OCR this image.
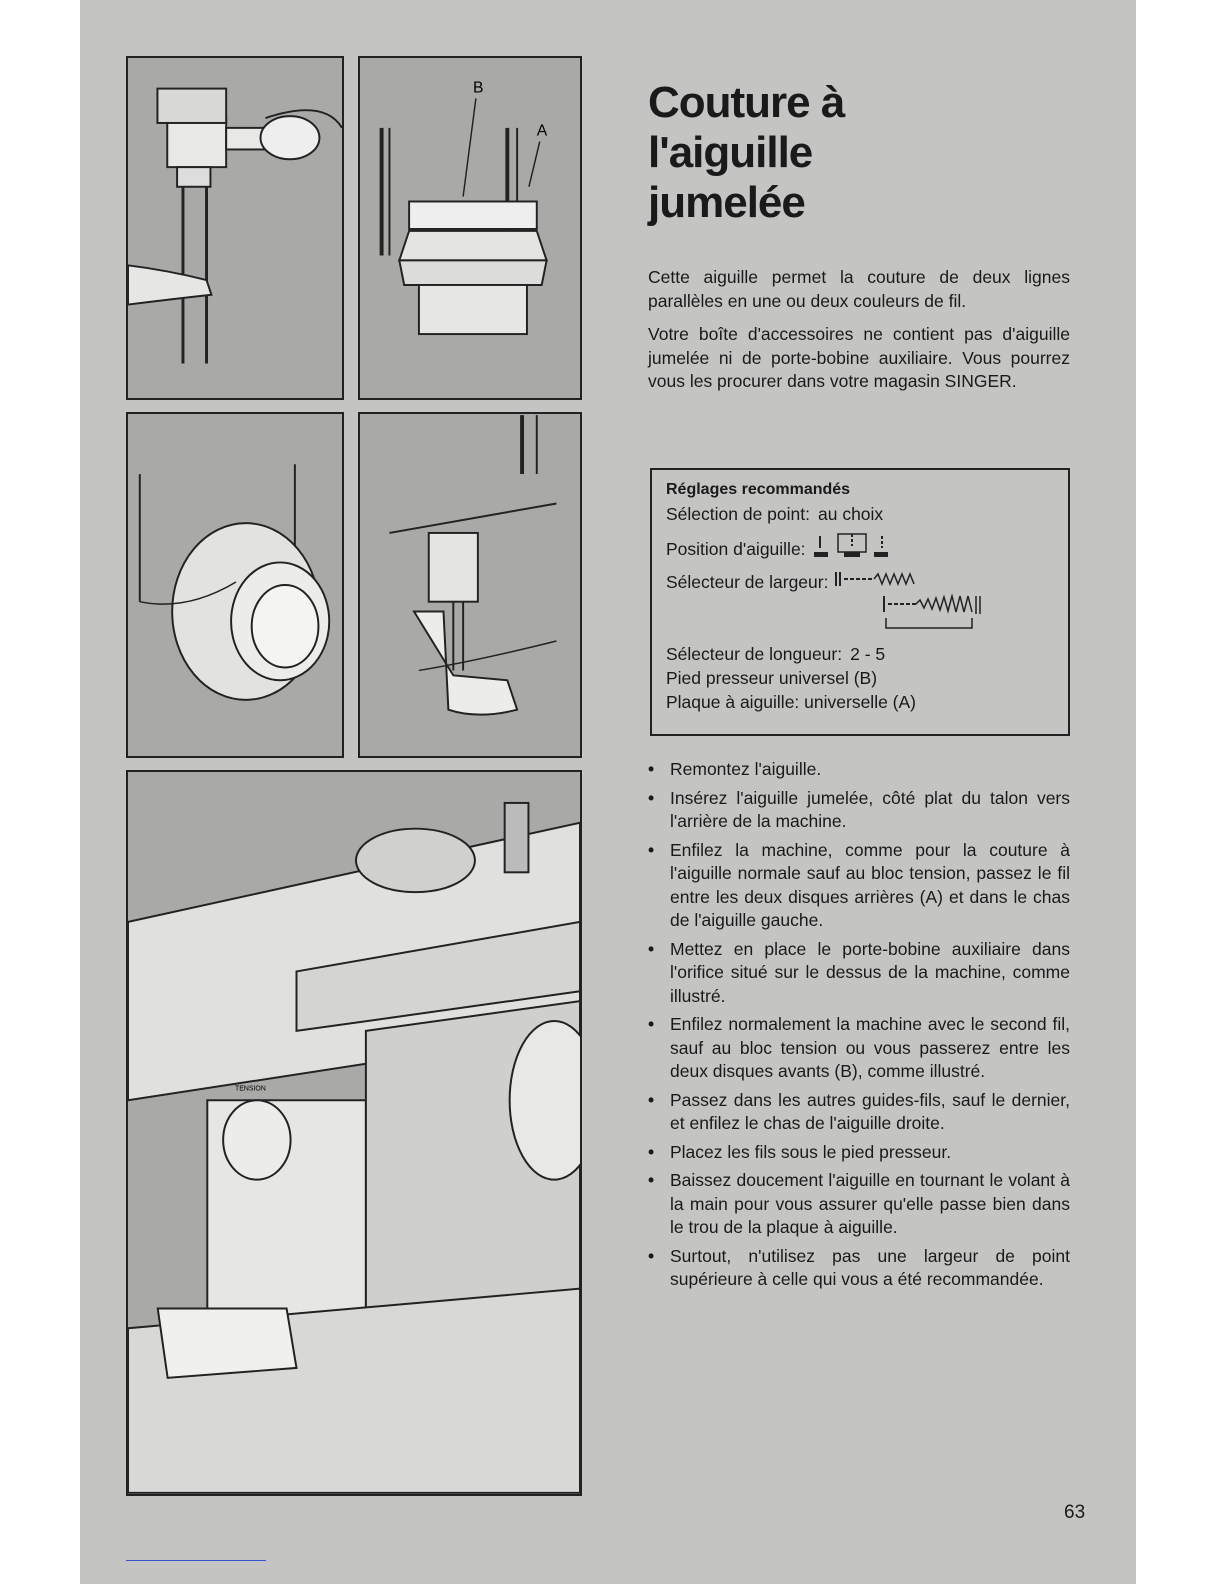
B
A
TENSION
Couture à
l'aiguille
jumelée

Cette aiguille permet la couture de deux lignes parallèles en une ou deux couleurs de fil.

Votre boîte d'accessoires ne contient pas d'aiguille jumelée ni de porte-bobine auxiliaire. Vous pourrez vous les procurer dans votre magasin SINGER.

Réglages recommandés
Sélection de point: au choix
Position d'aiguille:
Sélecteur de largeur:
Sélecteur de longueur: 2 - 5
Pied presseur universel (B)
Plaque à aiguille: universelle (A)
• Remontez l'aiguille.
• Insérez l'aiguille jumelée, côté plat du talon vers l'arrière de la machine.
• Enfilez la machine, comme pour la couture à l'aiguille normale sauf au bloc tension, passez le fil entre les deux disques arrières (A) et dans le chas de l'aiguille gauche.
• Mettez en place le porte-bobine auxiliaire dans l'orifice situé sur le dessus de la machine, comme illustré.
• Enfilez normalement la machine avec le second fil, sauf au bloc tension ou vous passerez entre les deux disques avants (B), comme illustré.
• Passez dans les autres guides-fils, sauf le dernier, et enfilez le chas de l'aiguille droite.
• Placez les fils sous le pied presseur.
• Baissez doucement l'aiguille en tournant le volant à la main pour vous assurer qu'elle passe bien dans le trou de la plaque à aiguille.
• Surtout, n'utilisez pas une largeur de point supérieure à celle qui vous a été recommandée.
63
